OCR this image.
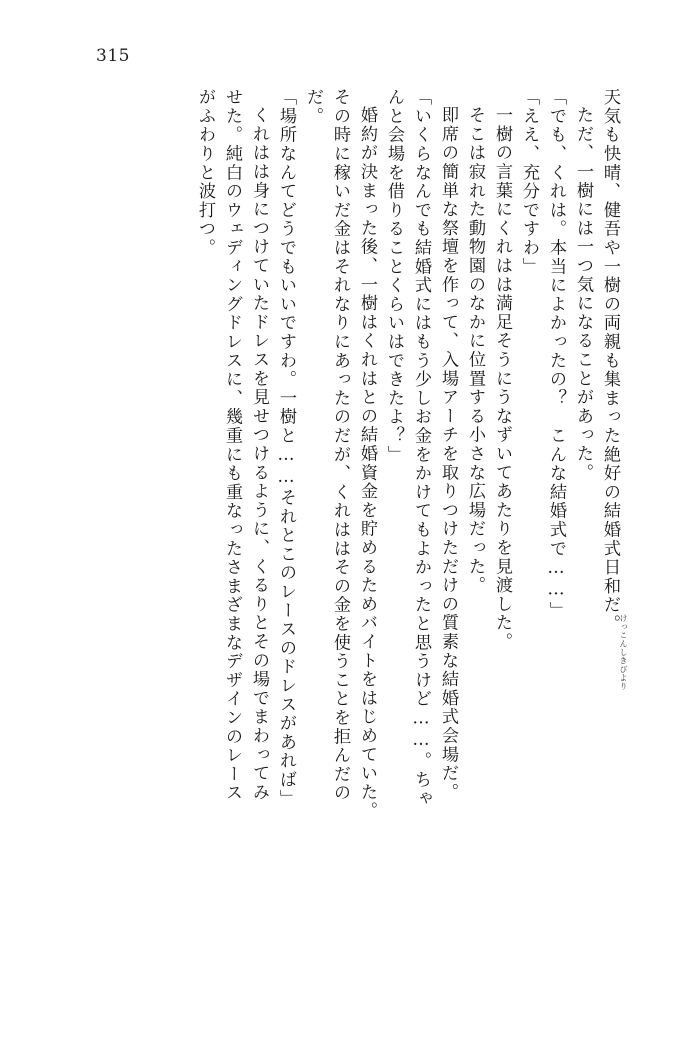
315
天気も快晴、健吾や一樹の両親も集まった絶好の結婚式日和だ。
ただ、一樹には一つ気になることがあった。
「でも、くれは。本当によかったの？　こんな結婚式で……」
「ええ、充分ですわ」
一樹の言葉にくれはは満足そうにうなずいてあたりを見渡した。
そこは寂れた動物園のなかに位置する小さな広場だった。
即席の簡単な祭壇を作って、入場アーチを取りつけただけの質素な結婚式会場だ。
「いくらなんでも結婚式にはもう少しお金をかけてもよかったと思うけど……。ちゃ
んと会場を借りることくらいはできたよ？」
婚約が決まった後、一樹はくれはとの結婚資金を貯めるためバイトをはじめていた。
その時に稼いだ金はそれなりにあったのだが、くれははその金を使うことを拒んだの
だ。
「場所なんてどうでもいいですわ。一樹と……それとこのレースのドレスがあれば」
くれはは身につけていたドレスを見せつけるように、くるりとその場でまわってみ
せた。純白のウェディングドレスに、幾重にも重なったさまざまなデザインのレース
がふわりと波打つ。
けっこんしきびより
